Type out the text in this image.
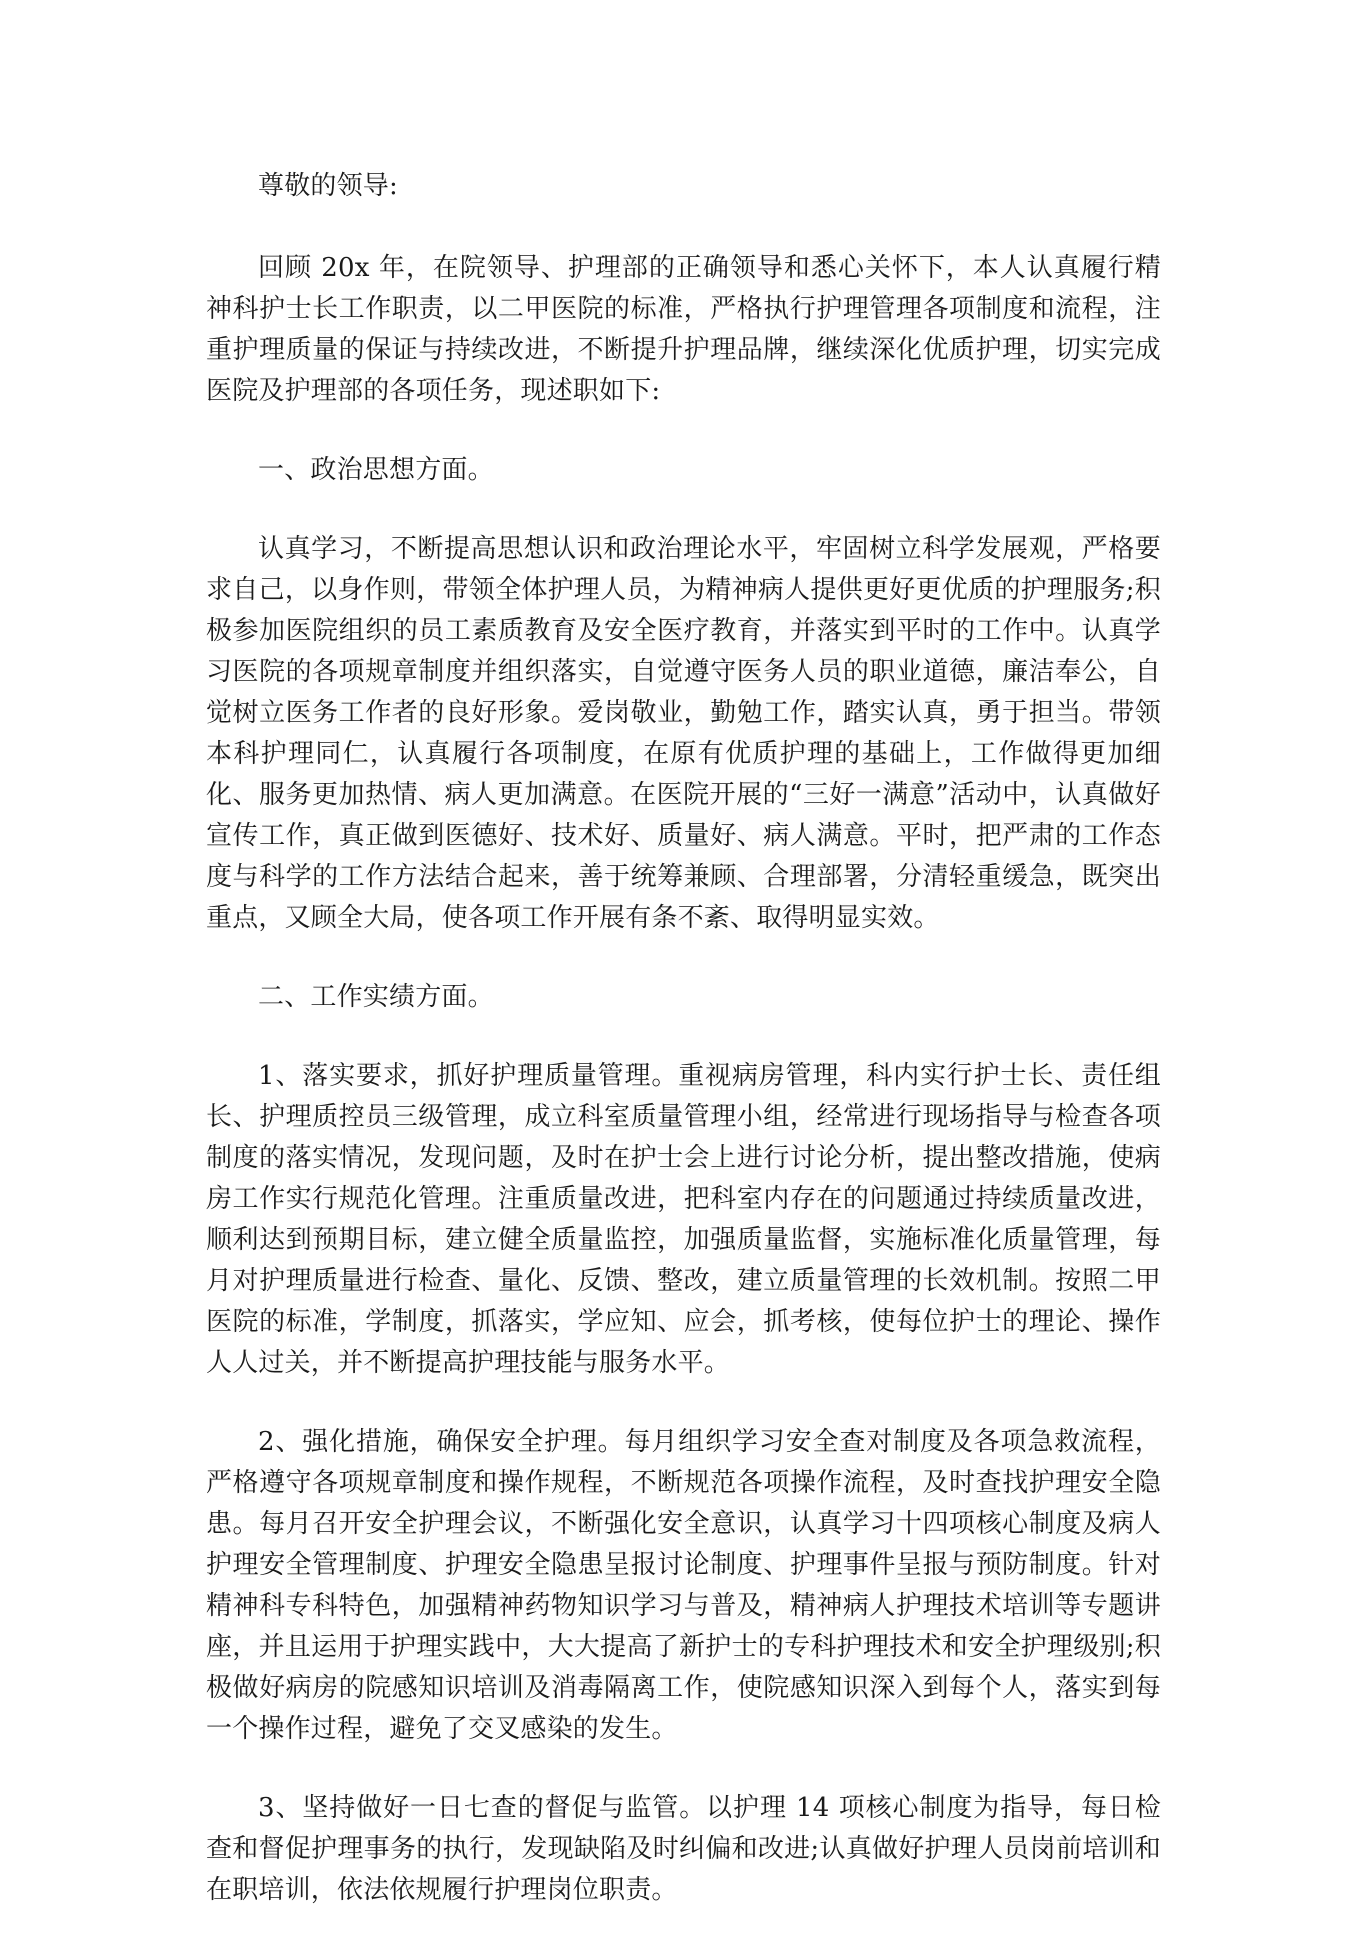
尊敬的领导:

回顾 20x 年，在院领导、护理部的正确领导和悉心关怀下，本人认真履行精神科护士长工作职责，以二甲医院的标准，严格执行护理管理各项制度和流程，注重护理质量的保证与持续改进，不断提升护理品牌，继续深化优质护理，切实完成医院及护理部的各项任务，现述职如下:

一、政治思想方面。

认真学习，不断提高思想认识和政治理论水平，牢固树立科学发展观，严格要求自己，以身作则，带领全体护理人员，为精神病人提供更好更优质的护理服务;积极参加医院组织的员工素质教育及安全医疗教育，并落实到平时的工作中。认真学习医院的各项规章制度并组织落实，自觉遵守医务人员的职业道德，廉洁奉公，自觉树立医务工作者的良好形象。爱岗敬业，勤勉工作，踏实认真，勇于担当。带领本科护理同仁，认真履行各项制度，在原有优质护理的基础上，工作做得更加细化、服务更加热情、病人更加满意。在医院开展的“三好一满意”活动中，认真做好宣传工作，真正做到医德好、技术好、质量好、病人满意。平时，把严肃的工作态度与科学的工作方法结合起来，善于统筹兼顾、合理部署，分清轻重缓急，既突出重点，又顾全大局，使各项工作开展有条不紊、取得明显实效。

二、工作实绩方面。

1、落实要求，抓好护理质量管理。重视病房管理，科内实行护士长、责任组长、护理质控员三级管理，成立科室质量管理小组，经常进行现场指导与检查各项制度的落实情况，发现问题，及时在护士会上进行讨论分析，提出整改措施，使病房工作实行规范化管理。注重质量改进，把科室内存在的问题通过持续质量改进，顺利达到预期目标，建立健全质量监控，加强质量监督，实施标准化质量管理，每月对护理质量进行检查、量化、反馈、整改，建立质量管理的长效机制。按照二甲医院的标准，学制度，抓落实，学应知、应会，抓考核，使每位护士的理论、操作人人过关，并不断提高护理技能与服务水平。

2、强化措施，确保安全护理。每月组织学习安全查对制度及各项急救流程，严格遵守各项规章制度和操作规程，不断规范各项操作流程，及时查找护理安全隐患。每月召开安全护理会议，不断强化安全意识，认真学习十四项核心制度及病人护理安全管理制度、护理安全隐患呈报讨论制度、护理事件呈报与预防制度。针对精神科专科特色，加强精神药物知识学习与普及，精神病人护理技术培训等专题讲座，并且运用于护理实践中，大大提高了新护士的专科护理技术和安全护理级别;积极做好病房的院感知识培训及消毒隔离工作，使院感知识深入到每个人，落实到每一个操作过程，避免了交叉感染的发生。

3、坚持做好一日七查的督促与监管。以护理 14 项核心制度为指导，每日检查和督促护理事务的执行，发现缺陷及时纠偏和改进;认真做好护理人员岗前培训和在职培训，依法依规履行护理岗位职责。
